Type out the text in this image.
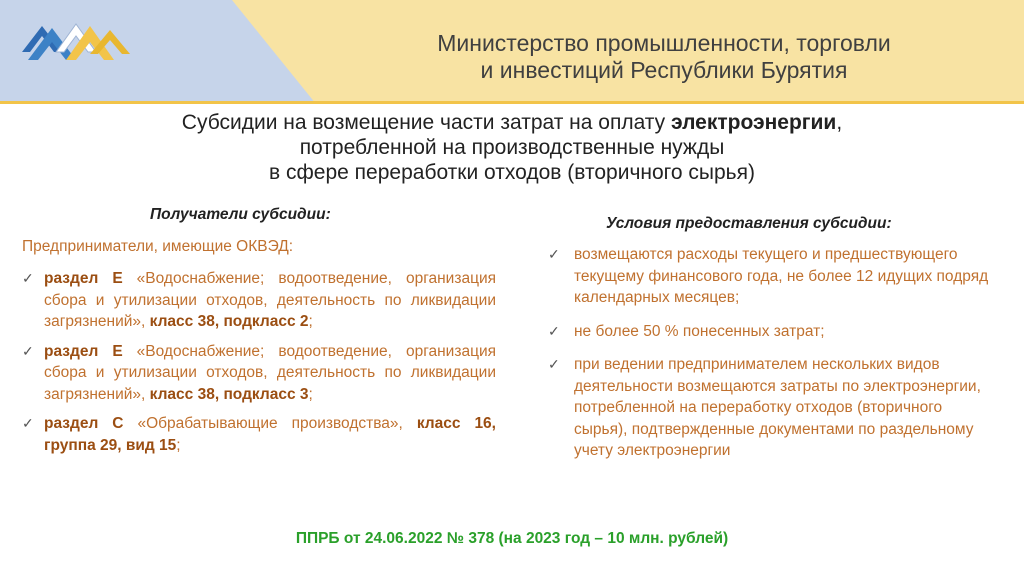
Министерство промышленности, торговли
и инвестиций Республики Бурятия
Субсидии на возмещение части затрат на оплату электроэнергии,
потребленной на производственные нужды
в сфере переработки отходов (вторичного сырья)
Получатели субсидии:
Предприниматели, имеющие ОКВЭД:
✓ раздел Е «Водоснабжение; водоотведение, организация сбора и утилизации отходов, деятельность по ликвидации загрязнений», класс 38, подкласс 2;
✓ раздел Е «Водоснабжение; водоотведение, организация сбора и утилизации отходов, деятельность по ликвидации загрязнений», класс 38, подкласс 3;
✓ раздел С «Обрабатывающие производства», класс 16, группа 29, вид 15;
Условия предоставления субсидии:
✓ возмещаются расходы текущего и предшествующего текущему финансового года, не более 12 идущих подряд календарных месяцев;
✓ не более 50 % понесенных затрат;
✓ при ведении предпринимателем нескольких видов деятельности возмещаются затраты по электроэнергии, потребленной на переработку отходов (вторичного сырья), подтвержденные документами по раздельному учету электроэнергии
ППРБ от 24.06.2022 № 378 (на 2023 год – 10 млн. рублей)
